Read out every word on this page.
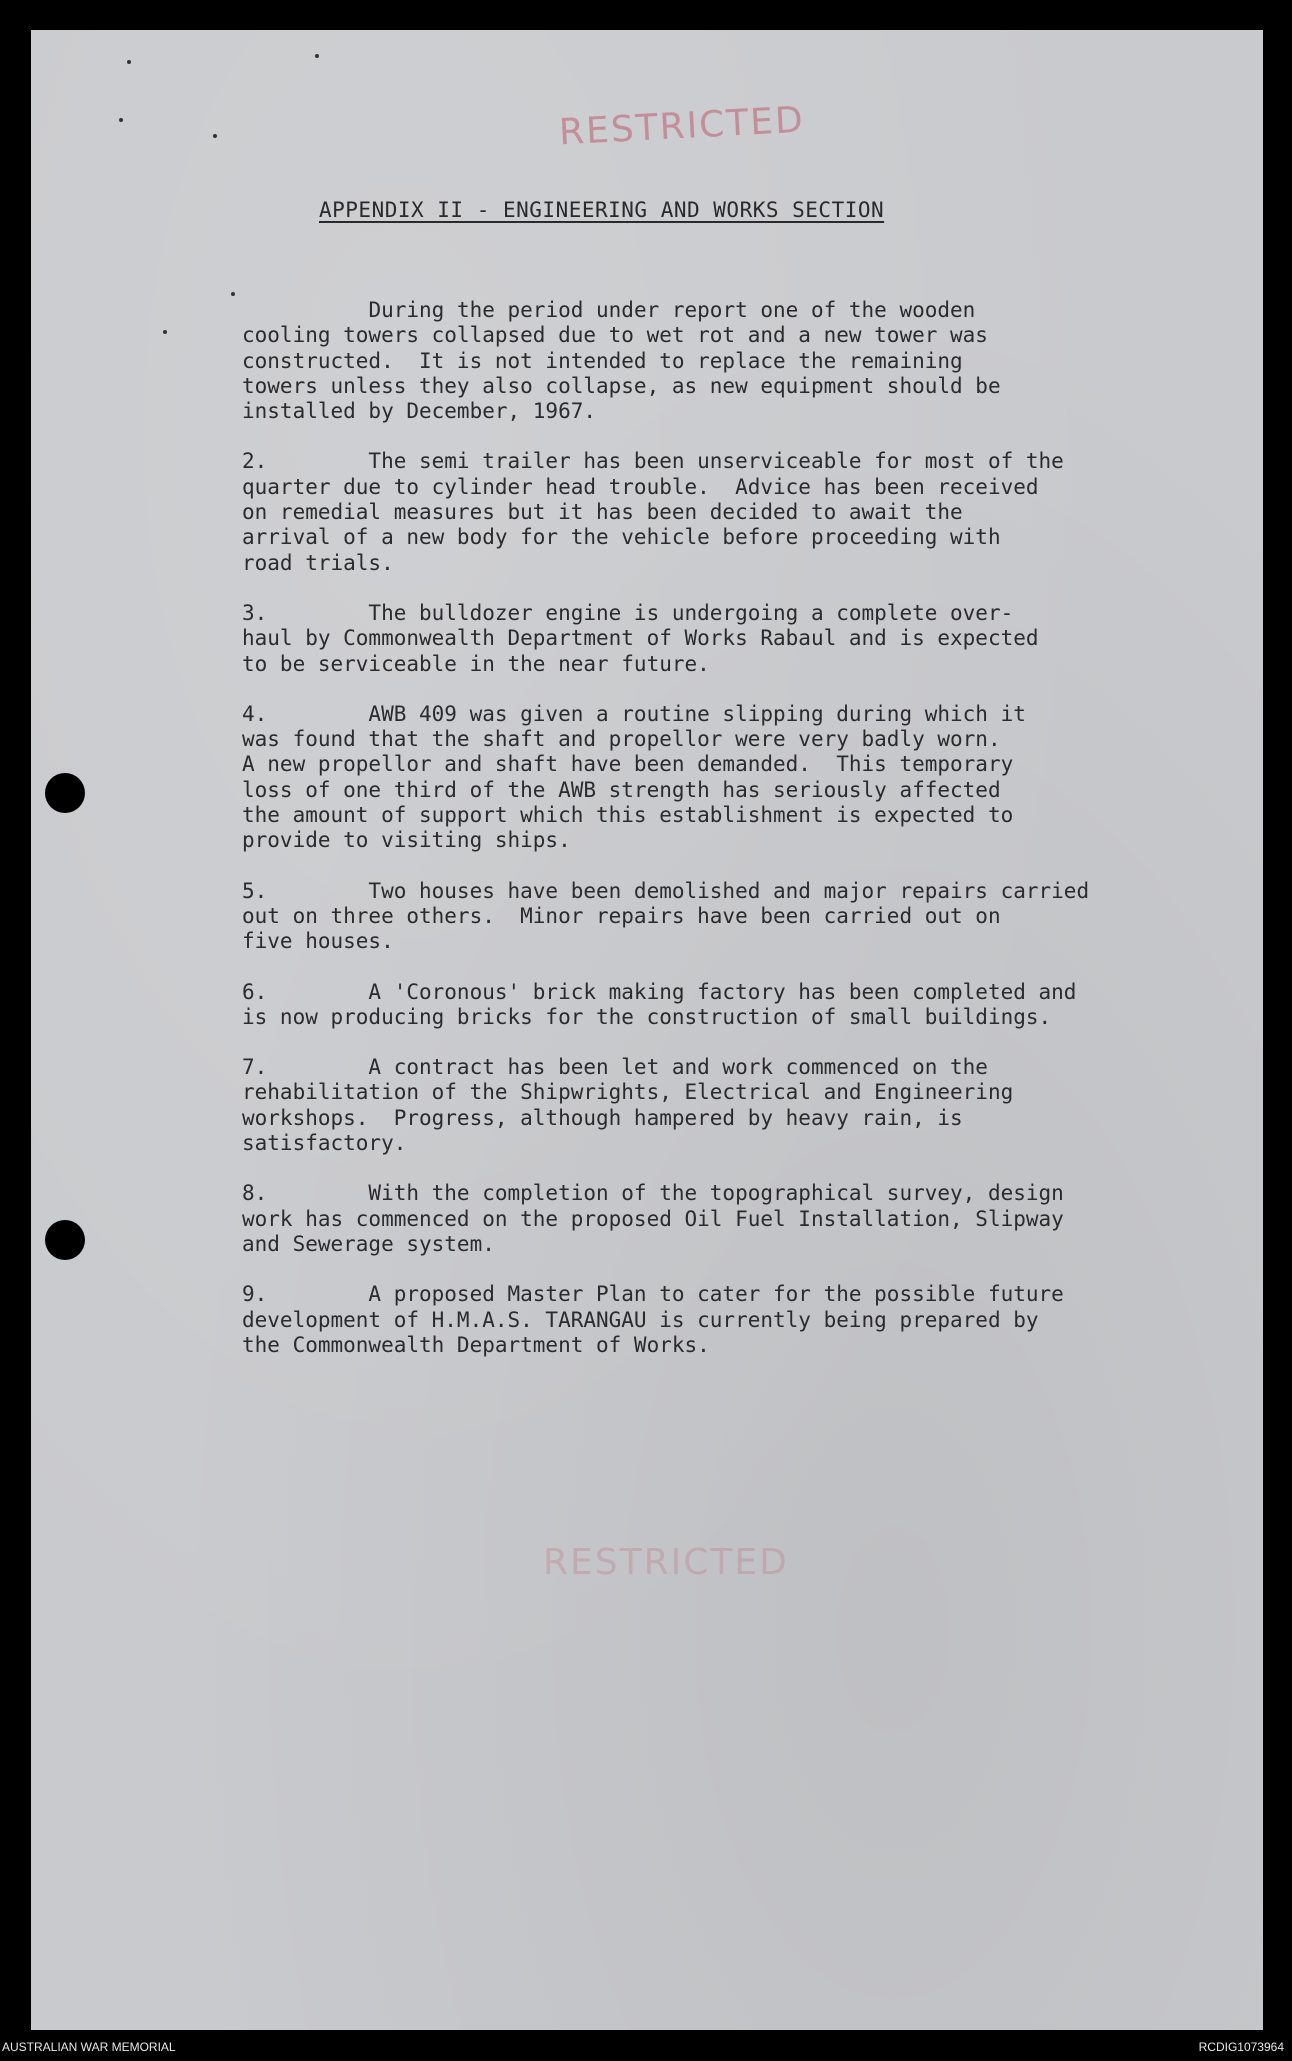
RESTRICTED
APPENDIX II - ENGINEERING AND WORKS SECTION

During the period under report one of the wooden
cooling towers collapsed due to wet rot and a new tower was
constructed.  It is not intended to replace the remaining
towers unless they also collapse, as new equipment should be
installed by December, 1967.

2.        The semi trailer has been unserviceable for most of the
quarter due to cylinder head trouble.  Advice has been received
on remedial measures but it has been decided to await the
arrival of a new body for the vehicle before proceeding with
road trials.

3.        The bulldozer engine is undergoing a complete over-
haul by Commonwealth Department of Works Rabaul and is expected
to be serviceable in the near future.

4.        AWB 409 was given a routine slipping during which it
was found that the shaft and propellor were very badly worn.
A new propellor and shaft have been demanded.  This temporary
loss of one third of the AWB strength has seriously affected
the amount of support which this establishment is expected to
provide to visiting ships.

5.        Two houses have been demolished and major repairs carried
out on three others.  Minor repairs have been carried out on
five houses.

6.        A 'Coronous' brick making factory has been completed and
is now producing bricks for the construction of small buildings.

7.        A contract has been let and work commenced on the
rehabilitation of the Shipwrights, Electrical and Engineering
workshops.  Progress, although hampered by heavy rain, is
satisfactory.

8.        With the completion of the topographical survey, design
work has commenced on the proposed Oil Fuel Installation, Slipway
and Sewerage system.

9.        A proposed Master Plan to cater for the possible future
development of H.M.A.S. TARANGAU is currently being prepared by
the Commonwealth Department of Works.

RESTRICTED
AUSTRALIAN WAR MEMORIAL	RCDIG1073964
